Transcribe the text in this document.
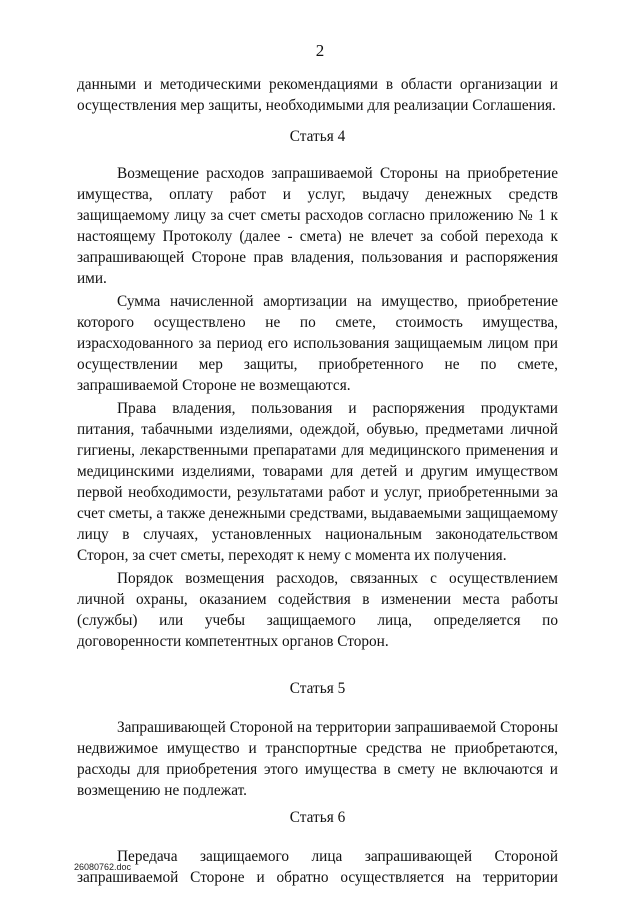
2

данными и методическими рекомендациями в области организации и осуществления мер защиты, необходимыми для реализации Соглашения.

Статья 4

Возмещение расходов запрашиваемой Стороны на приобретение имущества, оплату работ и услуг, выдачу денежных средств защищаемому лицу за счет сметы расходов согласно приложению № 1 к настоящему Протоколу (далее - смета) не влечет за собой перехода к запрашивающей Стороне прав владения, пользования и распоряжения ими.

Сумма начисленной амортизации на имущество, приобретение которого осуществлено не по смете, стоимость имущества, израсходованного за период его использования защищаемым лицом при осуществлении мер защиты, приобретенного не по смете, запрашиваемой Стороне не возмещаются.

Права владения, пользования и распоряжения продуктами питания, табачными изделиями, одеждой, обувью, предметами личной гигиены, лекарственными препаратами для медицинского применения и медицинскими изделиями, товарами для детей и другим имуществом первой необходимости, результатами работ и услуг, приобретенными за счет сметы, а также денежными средствами, выдаваемыми защищаемому лицу в случаях, установленных национальным законодательством Сторон, за счет сметы, переходят к нему с момента их получения.

Порядок возмещения расходов, связанных с осуществлением личной охраны, оказанием содействия в изменении места работы (службы) или учебы защищаемого лица, определяется по договоренности компетентных органов Сторон.

Статья 5

Запрашивающей Стороной на территории запрашиваемой Стороны недвижимое имущество и транспортные средства не приобретаются, расходы для приобретения этого имущества в смету не включаются и возмещению не подлежат.

Статья 6

Передача защищаемого лица запрашивающей Стороной запрашиваемой Стороне и обратно осуществляется на территории

26080762.doc
